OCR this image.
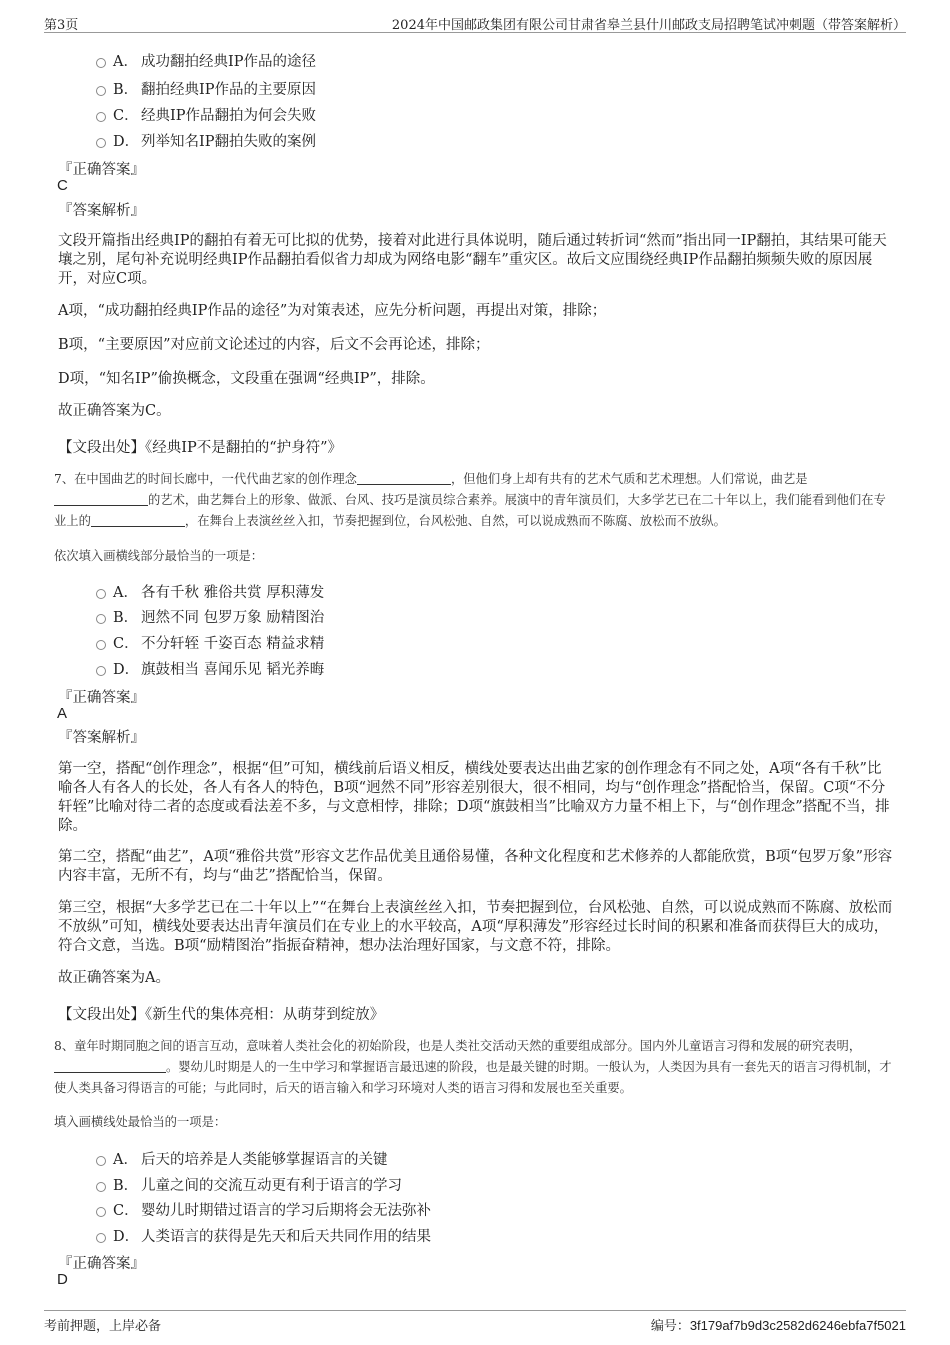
第3页	2024年中国邮政集团有限公司甘肃省皋兰县什川邮政支局招聘笔试冲刺题（带答案解析）
A． 成功翻拍经典IP作品的途径
B． 翻拍经典IP作品的主要原因
C． 经典IP作品翻拍为何会失败
D． 列举知名IP翻拍失败的案例
『正确答案』
C
『答案解析』
文段开篇指出经典IP的翻拍有着无可比拟的优势，接着对此进行具体说明，随后通过转折词“然而”指出同一IP翻拍，其结果可能天壤之别，尾句补充说明经典IP作品翻拍看似省力却成为网络电影“翻车”重灾区。故后文应围绕经典IP作品翻拍频频失败的原因展开，对应C项。
A项，“成功翻拍经典IP作品的途径”为对策表述，应先分析问题，再提出对策，排除；
B项，“主要原因”对应前文论述过的内容，后文不会再论述，排除；
D项，“知名IP”偷换概念，文段重在强调“经典IP”，排除。
故正确答案为C。
【文段出处】《经典IP不是翻拍的“护身符”》
7、在中国曲艺的时间长廊中，一代代曲艺家的创作理念	，但他们身上却有共有的艺术气质和艺术理想。人们常说，曲艺是的艺术，曲艺舞台上的形象、做派、台风、技巧是演员综合素养。展演中的青年演员们，大多学艺已在二十年以上，我们能看到他们在专业上的	，在舞台上表演丝丝入扣，节奏把握到位，台风松弛、自然，可以说成熟而不陈腐、放松而不放纵。
依次填入画横线部分最恰当的一项是：
A． 各有千秋 雅俗共赏 厚积薄发
B． 迥然不同 包罗万象 励精图治
C． 不分轩轾 千姿百态 精益求精
D． 旗鼓相当 喜闻乐见 韬光养晦
『正确答案』
A
『答案解析』
第一空，搭配“创作理念”，根据“但”可知，横线前后语义相反，横线处要表达出曲艺家的创作理念有不同之处，A项“各有千秋”比喻各人有各人的长处，各人有各人的特色，B项“迥然不同”形容差别很大，很不相同，均与“创作理念”搭配恰当，保留。C项“不分轩轾”比喻对待二者的态度或看法差不多，与文意相悖，排除；D项“旗鼓相当”比喻双方力量不相上下，与“创作理念”搭配不当，排除。
第二空，搭配“曲艺”，A项“雅俗共赏”形容文艺作品优美且通俗易懂，各种文化程度和艺术修养的人都能欣赏，B项“包罗万象”形容内容丰富，无所不有，均与“曲艺”搭配恰当，保留。
第三空，根据“大多学艺已在二十年以上”“在舞台上表演丝丝入扣，节奏把握到位，台风松弛、自然，可以说成熟而不陈腐、放松而不放纵”可知，横线处要表达出青年演员们在专业上的水平较高，A项“厚积薄发”形容经过长时间的积累和准备而获得巨大的成功，符合文意，当选。B项“励精图治”指振奋精神，想办法治理好国家，与文意不符，排除。
故正确答案为A。
【文段出处】《新生代的集体亮相：从萌芽到绽放》
8、童年时期同胞之间的语言互动，意味着人类社会化的初始阶段，也是人类社交活动天然的重要组成部分。国内外儿童语言习得和发展的研究表明，。婴幼儿时期是人的一生中学习和掌握语言最迅速的阶段，也是最关键的时期。一般认为，人类因为具有一套先天的语言习得机制，才使人类具备习得语言的可能；与此同时，后天的语言输入和学习环境对人类的语言习得和发展也至关重要。
填入画横线处最恰当的一项是：
A． 后天的培养是人类能够掌握语言的关键
B． 儿童之间的交流互动更有利于语言的学习
C． 婴幼儿时期错过语言的学习后期将会无法弥补
D． 人类语言的获得是先天和后天共同作用的结果
『正确答案』
D
考前押题，上岸必备	编号：3f179af7b9d3c2582d6246ebfa7f5021
